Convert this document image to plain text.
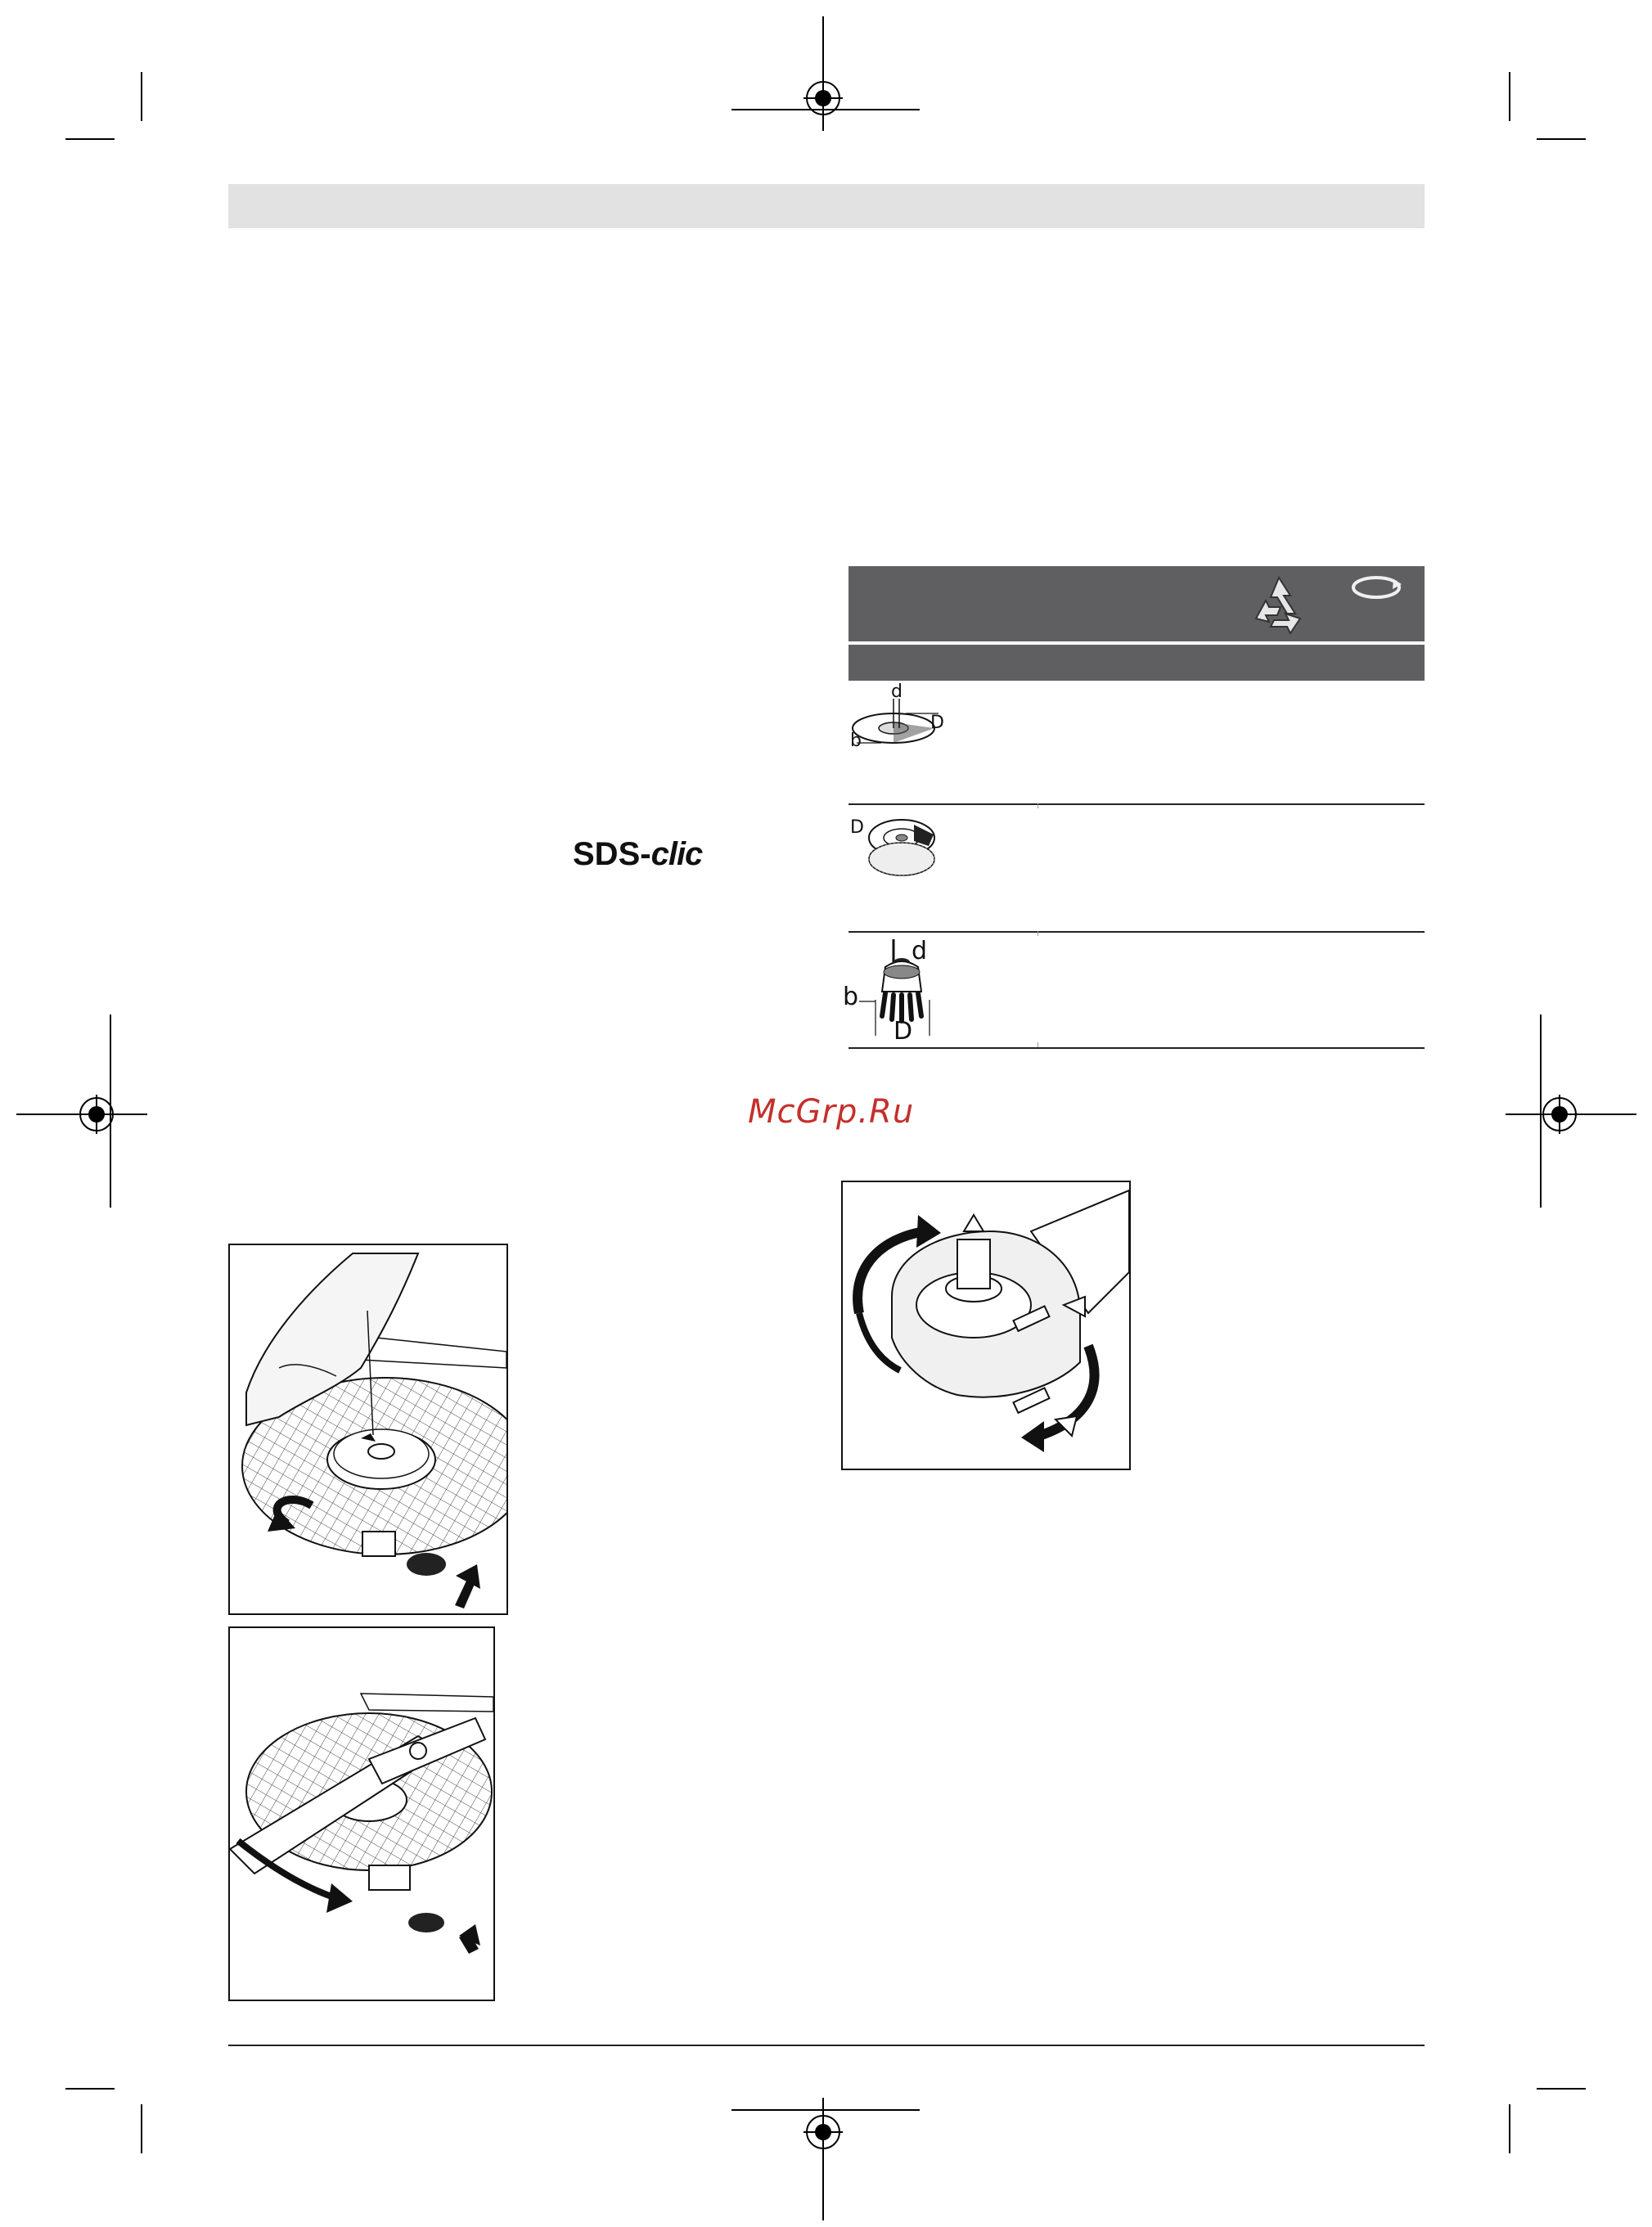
SDS-clic
d
b
D
D
d
b
D
McGrp.Ru
